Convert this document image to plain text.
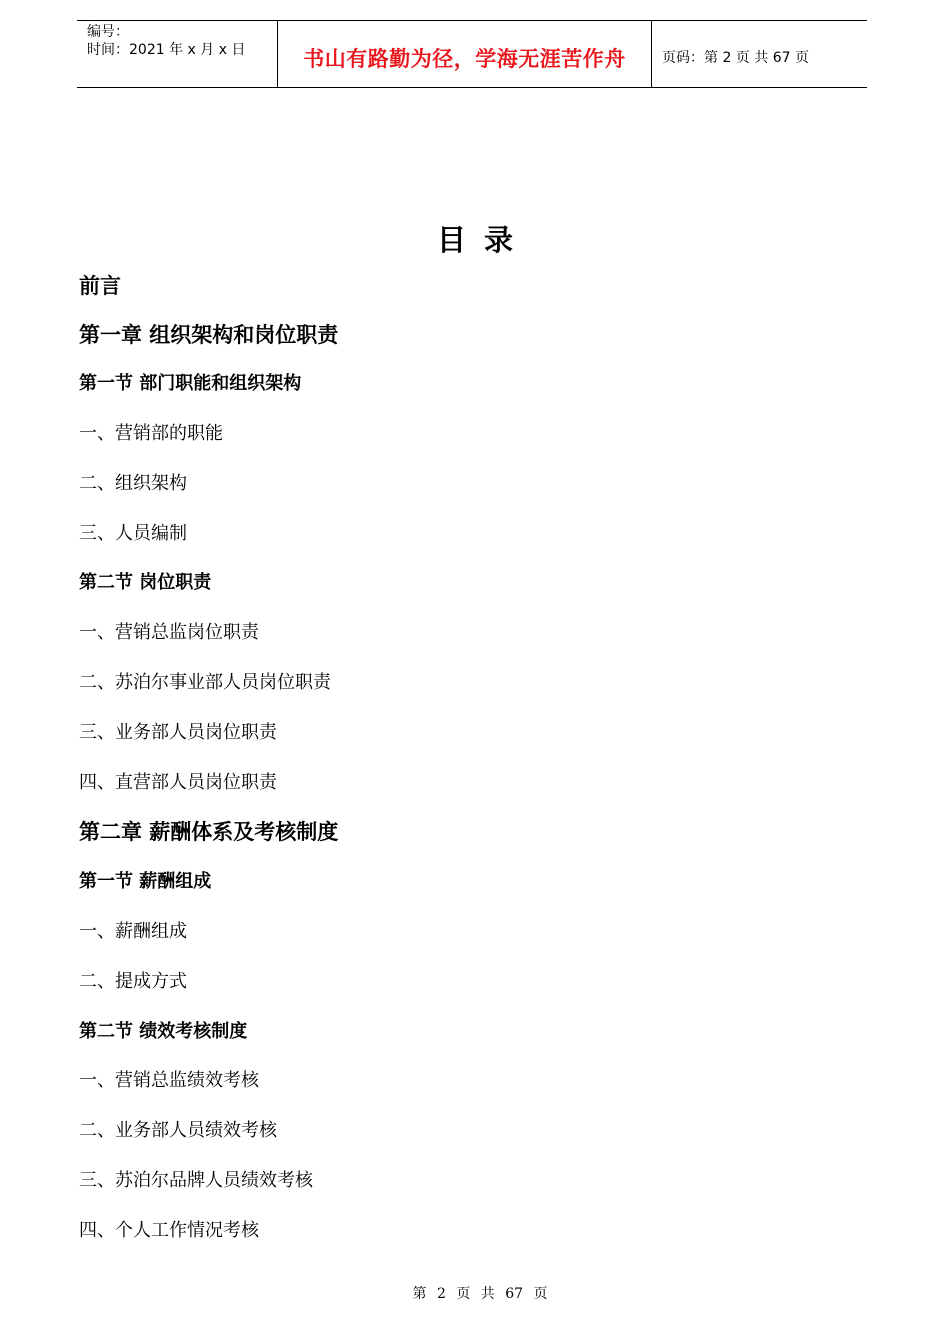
编号：
时间：2021 年 x 月 x 日	书山有路勤为径，学海无涯苦作舟	页码：第 2 页 共 67 页
目录
前言
第一章 组织架构和岗位职责
第一节 部门职能和组织架构
一、营销部的职能
二、组织架构
三、人员编制
第二节 岗位职责
一、营销总监岗位职责
二、苏泊尔事业部人员岗位职责
三、业务部人员岗位职责
四、直营部人员岗位职责
第二章 薪酬体系及考核制度
第一节 薪酬组成
一、薪酬组成
二、提成方式
第二节 绩效考核制度
一、营销总监绩效考核
二、业务部人员绩效考核
三、苏泊尔品牌人员绩效考核
四、个人工作情况考核
第 2 页 共 67 页
